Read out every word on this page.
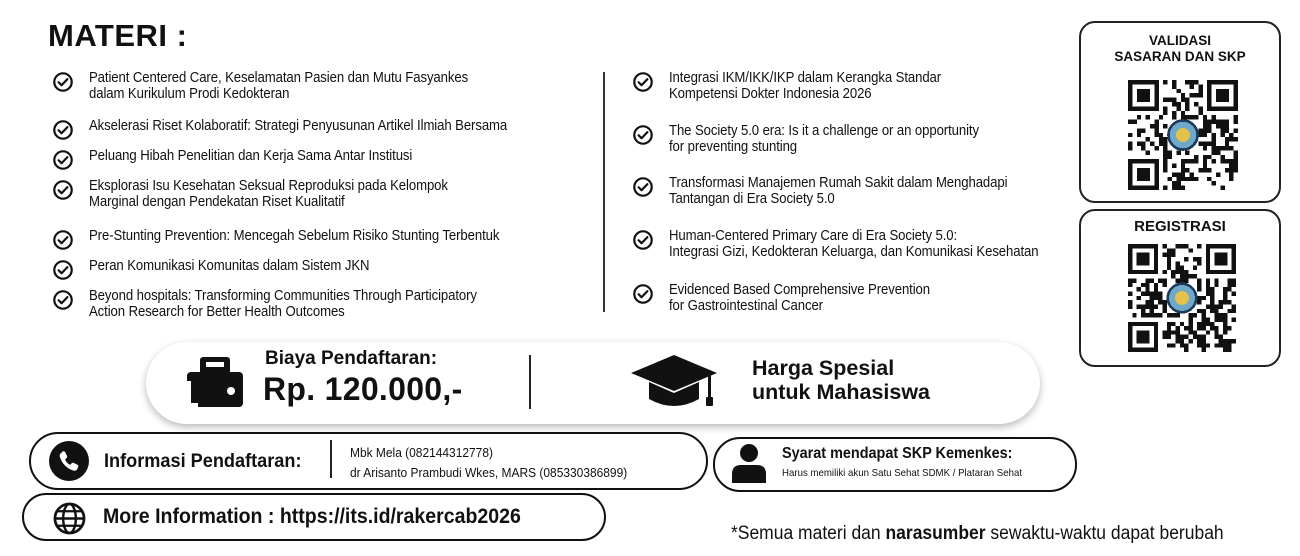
MATERI :
Patient Centered Care, Keselamatan Pasien dan Mutu Fasyankes
dalam Kurikulum Prodi Kedokteran
Akselerasi Riset Kolaboratif: Strategi Penyusunan Artikel Ilmiah Bersama
Peluang Hibah Penelitian dan Kerja Sama Antar Institusi
Eksplorasi Isu Kesehatan Seksual Reproduksi pada Kelompok
Marginal dengan Pendekatan Riset Kualitatif
Pre-Stunting Prevention: Mencegah Sebelum Risiko Stunting Terbentuk
Peran Komunikasi Komunitas dalam Sistem JKN
Beyond hospitals: Transforming Communities Through Participatory
Action Research for Better Health Outcomes
Integrasi IKM/IKK/IKP dalam Kerangka Standar
Kompetensi Dokter Indonesia 2026
The Society 5.0 era: Is it a challenge or an opportunity
for preventing stunting
Transformasi Manajemen Rumah Sakit dalam Menghadapi
Tantangan di Era Society 5.0
Human-Centered Primary Care di Era Society 5.0:
Integrasi Gizi, Kedokteran Keluarga, dan Komunikasi Kesehatan
Evidenced Based Comprehensive Prevention
for Gastrointestinal Cancer
VALIDASI
SASARAN DAN SKP
REGISTRASI
Biaya Pendaftaran:
Rp. 120.000,-
Harga Spesial
untuk Mahasiswa
Informasi Pendaftaran:	Mbk Mela (082144312778)
dr Arisanto Prambudi Wkes, MARS (085330386899)
Syarat mendapat SKP Kemenkes:
Harus memiliki akun Satu Sehat SDMK / Plataran Sehat
More Information : https://its.id/rakercab2026
*Semua materi dan narasumber sewaktu-waktu dapat berubah
